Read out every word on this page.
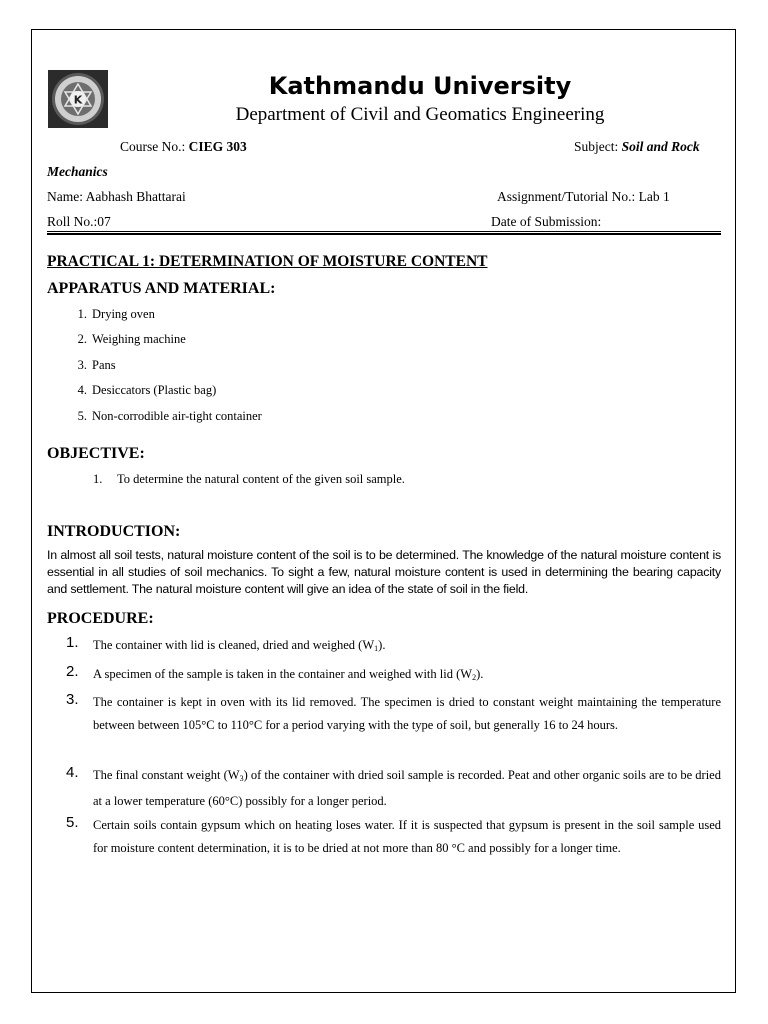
K	Kathmandu University
Department of Civil and Geomatics Engineering
Course No.: CIEG 303	Subject: Soil and Rock
Mechanics
Name: Aabhash Bhattarai	Assignment/Tutorial No.: Lab 1
Roll No.:07	Date of Submission:
PRACTICAL 1: DETERMINATION OF MOISTURE CONTENT
APPARATUS AND MATERIAL:
1. Drying oven
2. Weighing machine
3. Pans
4. Desiccators (Plastic bag)
5. Non-corrodible air-tight container
OBJECTIVE:
1. To determine the natural content of the given soil sample.
INTRODUCTION:
In almost all soil tests, natural moisture content of the soil is to be determined. The knowledge of the natural moisture content is essential in all studies of soil mechanics. To sight a few, natural moisture content is used in determining the bearing capacity and settlement. The natural moisture content will give an idea of the state of soil in the field.
PROCEDURE:
1. The container with lid is cleaned, dried and weighed $(W_1)$.
2. A specimen of the sample is taken in the container and weighed with lid $(W_2)$.
3. The container is kept in oven with its lid removed. The specimen is dried to constant weight maintaining the temperature between between 105°C to 110°C for a period varying with the type of soil, but generally 16 to 24 hours.
4. The final constant weight $(W_3)$ of the container with dried soil sample is recorded. Peat and other organic soils are to be dried at a lower temperature (60°C) possibly for a longer period.
5. Certain soils contain gypsum which on heating loses water. If it is suspected that gypsum is present in the soil sample used for moisture content determination, it is to be dried at not more than 80 °C and possibly for a longer time.
